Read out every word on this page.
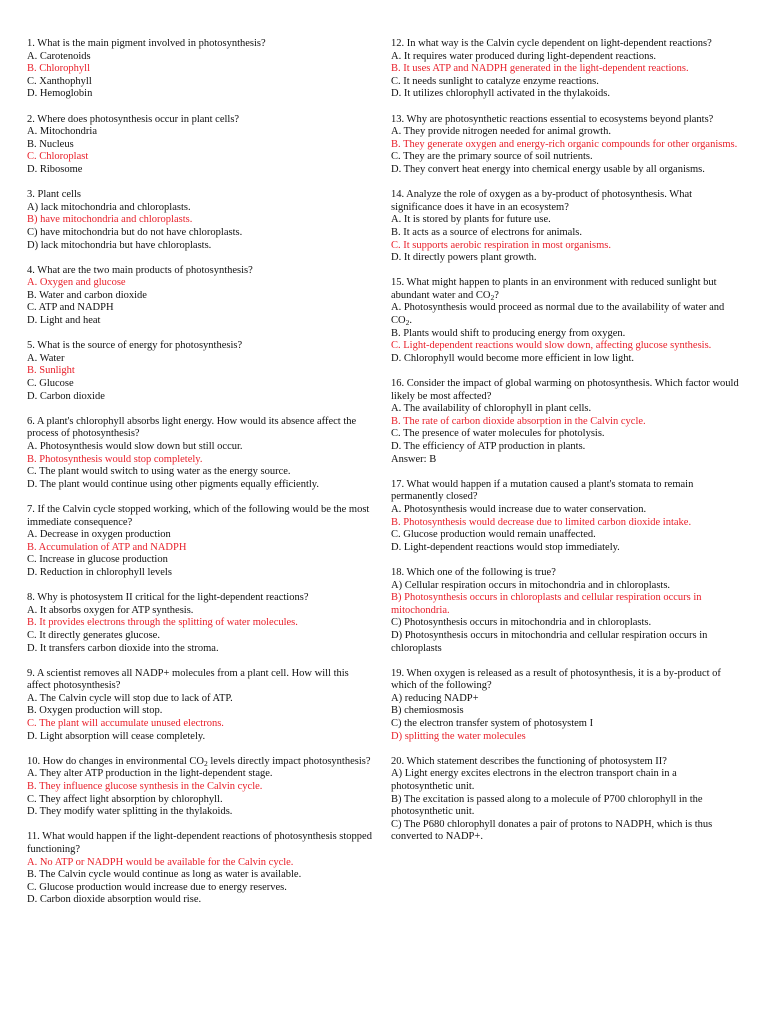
1. What is the main pigment involved in photosynthesis?
A. Carotenoids
B. Chlorophyll
C. Xanthophyll
D. Hemoglobin
2. Where does photosynthesis occur in plant cells?
A. Mitochondria
B. Nucleus
C. Chloroplast
D. Ribosome
3. Plant cells
A) lack mitochondria and chloroplasts.
B) have mitochondria and chloroplasts.
C) have mitochondria but do not have chloroplasts.
D) lack mitochondria but have chloroplasts.
4. What are the two main products of photosynthesis?
A. Oxygen and glucose
B. Water and carbon dioxide
C. ATP and NADPH
D. Light and heat
5. What is the source of energy for photosynthesis?
A. Water
B. Sunlight
C. Glucose
D. Carbon dioxide
6. A plant's chlorophyll absorbs light energy. How would its absence affect the process of photosynthesis?
A. Photosynthesis would slow down but still occur.
B. Photosynthesis would stop completely.
C. The plant would switch to using water as the energy source.
D. The plant would continue using other pigments equally efficiently.
7. If the Calvin cycle stopped working, which of the following would be the most immediate consequence?
A. Decrease in oxygen production
B. Accumulation of ATP and NADPH
C. Increase in glucose production
D. Reduction in chlorophyll levels
8. Why is photosystem II critical for the light-dependent reactions?
A. It absorbs oxygen for ATP synthesis.
B. It provides electrons through the splitting of water molecules.
C. It directly generates glucose.
D. It transfers carbon dioxide into the stroma.
9. A scientist removes all NADP+ molecules from a plant cell. How will this affect photosynthesis?
A. The Calvin cycle will stop due to lack of ATP.
B. Oxygen production will stop.
C. The plant will accumulate unused electrons.
D. Light absorption will cease completely.
10. How do changes in environmental $CO_2$ levels directly impact photosynthesis?
A. They alter ATP production in the light-dependent stage.
B. They influence glucose synthesis in the Calvin cycle.
C. They affect light absorption by chlorophyll.
D. They modify water splitting in the thylakoids.
11. What would happen if the light-dependent reactions of photosynthesis stopped functioning?
A. No ATP or NADPH would be available for the Calvin cycle.
B. The Calvin cycle would continue as long as water is available.
C. Glucose production would increase due to energy reserves.
D. Carbon dioxide absorption would rise.
12. In what way is the Calvin cycle dependent on light-dependent reactions?
A. It requires water produced during light-dependent reactions.
B. It uses ATP and NADPH generated in the light-dependent reactions.
C. It needs sunlight to catalyze enzyme reactions.
D. It utilizes chlorophyll activated in the thylakoids.
13. Why are photosynthetic reactions essential to ecosystems beyond plants?
A. They provide nitrogen needed for animal growth.
B. They generate oxygen and energy-rich organic compounds for other organisms.
C. They are the primary source of soil nutrients.
D. They convert heat energy into chemical energy usable by all organisms.
14. Analyze the role of oxygen as a by-product of photosynthesis. What significance does it have in an ecosystem?
A. It is stored by plants for future use.
B. It acts as a source of electrons for animals.
C. It supports aerobic respiration in most organisms.
D. It directly powers plant growth.
15. What might happen to plants in an environment with reduced sunlight but abundant water and $CO_2$?
A. Photosynthesis would proceed as normal due to the availability of water and $CO_2$.
B. Plants would shift to producing energy from oxygen.
C. Light-dependent reactions would slow down, affecting glucose synthesis.
D. Chlorophyll would become more efficient in low light.
16. Consider the impact of global warming on photosynthesis. Which factor would likely be most affected?
A. The availability of chlorophyll in plant cells.
B. The rate of carbon dioxide absorption in the Calvin cycle.
C. The presence of water molecules for photolysis.
D. The efficiency of ATP production in plants.
Answer: B
17. What would happen if a mutation caused a plant's stomata to remain permanently closed?
A. Photosynthesis would increase due to water conservation.
B. Photosynthesis would decrease due to limited carbon dioxide intake.
C. Glucose production would remain unaffected.
D. Light-dependent reactions would stop immediately.
18. Which one of the following is true?
A) Cellular respiration occurs in mitochondria and in chloroplasts.
B) Photosynthesis occurs in chloroplasts and cellular respiration occurs in mitochondria.
C) Photosynthesis occurs in mitochondria and in chloroplasts.
D) Photosynthesis occurs in mitochondria and cellular respiration occurs in chloroplasts
19. When oxygen is released as a result of photosynthesis, it is a by-product of which of the following?
A) reducing NADP+
B) chemiosmosis
C) the electron transfer system of photosystem I
D) splitting the water molecules
20. Which statement describes the functioning of photosystem II?
A) Light energy excites electrons in the electron transport chain in a photosynthetic unit.
B) The excitation is passed along to a molecule of P700 chlorophyll in the photosynthetic unit.
C) The P680 chlorophyll donates a pair of protons to NADPH, which is thus converted to NADP+.
